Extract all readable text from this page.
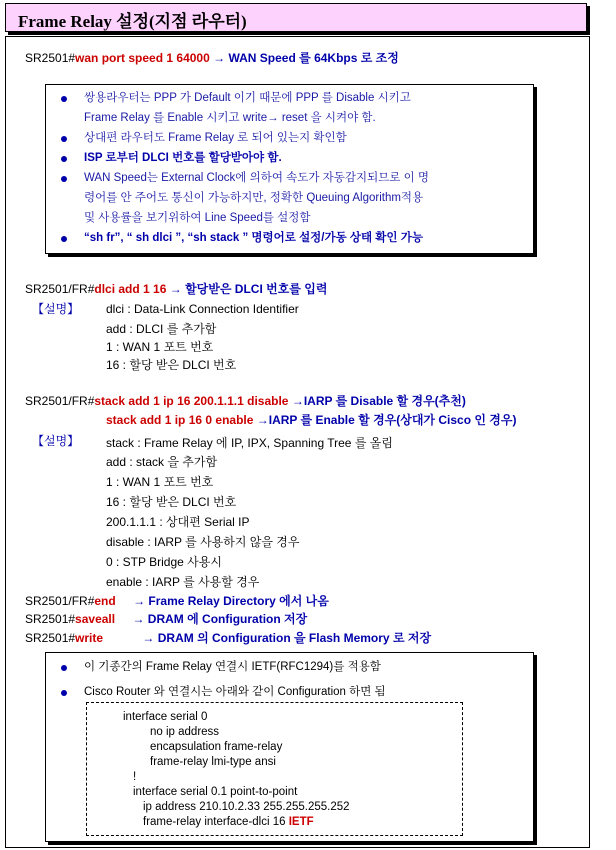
Frame Relay 설정(지점 라우터)
SR2501#wan port speed 1 64000 → WAN Speed 를 64Kbps 로 조정
쌍용라우터는 PPP 가 Default 이기 때문에 PPP 를 Disable 시키고
Frame Relay 를 Enable 시키고 write→ reset 을 시켜야 함.
상대편 라우터도 Frame Relay 로 되어 있는지 확인함
ISP 로부터 DLCI 번호를 할당받아야 함.
WAN Speed는 External Clock에 의하여 속도가 자동감지되므로 이 명
령어를 안 주어도 통신이 가능하지만, 정확한 Queuing Algorithm적용
및 사용률을 보기위하여 Line Speed를 설정함
“sh fr”, “ sh dlci ”, “sh stack ” 명령어로 설정/가동 상태 확인 가능
SR2501/FR#dlci add 1 16 → 할당받은 DLCI 번호를 입력
【설명】 dlci : Data-Link Connection Identifier
add : DLCI 를 추가함
1 : WAN 1 포트 번호
16 : 할당 받은 DLCI 번호
SR2501/FR#stack add 1 ip 16 200.1.1.1 disable →IARP 를 Disable 할 경우(추천)
stack add 1 ip 16 0 enable →IARP 를 Enable 할 경우(상대가 Cisco 인 경우)
【설명】 stack : Frame Relay 에 IP, IPX, Spanning Tree 를 올림
add : stack 을 추가함
1 : WAN 1 포트 번호
16 : 할당 받은 DLCI 번호
200.1.1.1 : 상대편 Serial IP
disable : IARP 를 사용하지 않을 경우
0 : STP Bridge 사용시
enable : IARP 를 사용할 경우
SR2501/FR#end → Frame Relay Directory 에서 나옴
SR2501#saveall → DRAM 에 Configuration 저장
SR2501#write	→ DRAM 의 Configuration 을 Flash Memory 로 저장
이 기종간의 Frame Relay 연결시 IETF(RFC1294)를 적용함
Cisco Router 와 연결시는 아래와 같이 Configuration 하면 됨
interface serial 0
no ip address
encapsulation frame-relay
frame-relay lmi-type ansi
!
interface serial 0.1 point-to-point
ip address 210.10.2.33 255.255.255.252
frame-relay interface-dlci 16 IETF
